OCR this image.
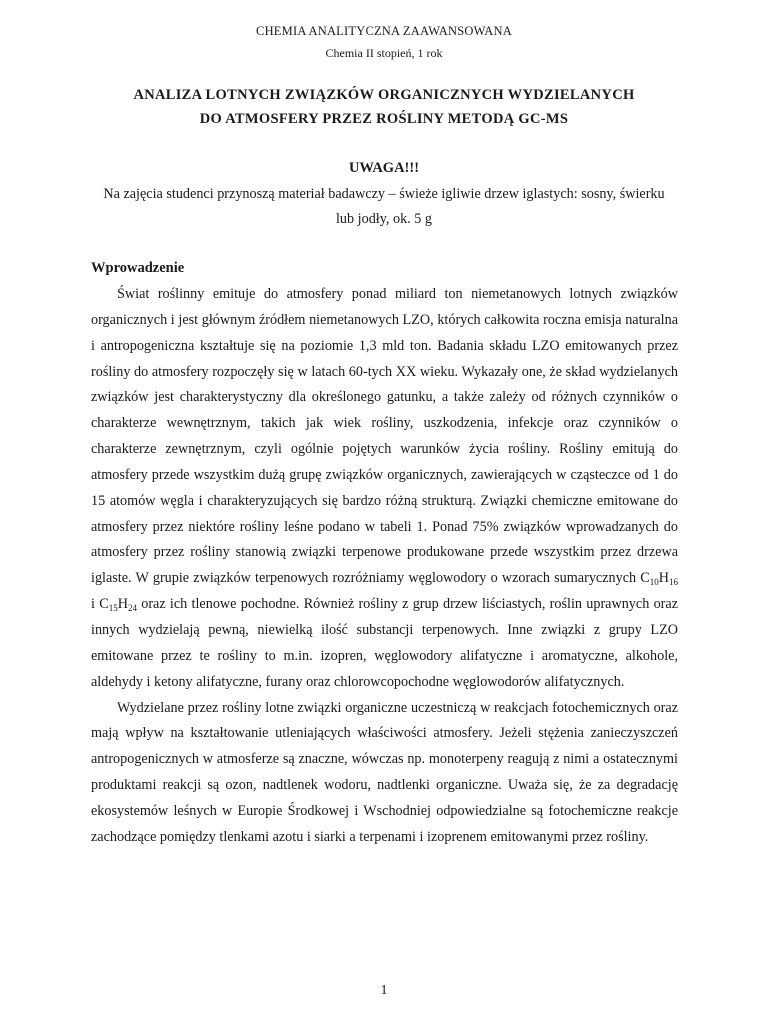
CHEMIA ANALITYCZNA ZAAWANSOWANA
Chemia II stopień, 1 rok
ANALIZA LOTNYCH ZWIĄZKÓW ORGANICZNYCH WYDZIELANYCH
DO ATMOSFERY PRZEZ ROŚLINY METODĄ GC-MS
UWAGA!!!
Na zajęcia studenci przynoszą materiał badawczy – świeże igliwie drzew iglastych: sosny, świerku lub jodły, ok. 5 g
Wprowadzenie

Świat roślinny emituje do atmosfery ponad miliard ton niemetanowych lotnych związków organicznych i jest głównym źródłem niemetanowych LZO, których całkowita roczna emisja naturalna i antropogeniczna kształtuje się na poziomie 1,3 mld ton. Badania składu LZO emitowanych przez rośliny do atmosfery rozpoczęły się w latach 60-tych XX wieku. Wykazały one, że skład wydzielanych związków jest charakterystyczny dla określonego gatunku, a także zależy od różnych czynników o charakterze wewnętrznym, takich jak wiek rośliny, uszkodzenia, infekcje oraz czynników o charakterze zewnętrznym, czyli ogólnie pojętych warunków życia rośliny. Rośliny emitują do atmosfery przede wszystkim dużą grupę związków organicznych, zawierających w cząsteczce od 1 do 15 atomów węgla i charakteryzujących się bardzo różną strukturą. Związki chemiczne emitowane do atmosfery przez niektóre rośliny leśne podano w tabeli 1. Ponad 75% związków wprowadzanych do atmosfery przez rośliny stanowią związki terpenowe produkowane przede wszystkim przez drzewa iglaste. W grupie związków terpenowych rozróżniamy węglowodory o wzorach sumarycznych $C_{10}H_{16}$ i $C_{15}H_{24}$ oraz ich tlenowe pochodne. Również rośliny z grup drzew liściastych, roślin uprawnych oraz innych wydzielają pewną, niewielką ilość substancji terpenowych. Inne związki z grupy LZO emitowane przez te rośliny to m.in. izopren, węglowodory alifatyczne i aromatyczne, alkohole, aldehydy i ketony alifatyczne, furany oraz chlorowcopochodne węglowodorów alifatycznych.

Wydzielane przez rośliny lotne związki organiczne uczestniczą w reakcjach fotochemicznych oraz mają wpływ na kształtowanie utleniających właściwości atmosfery. Jeżeli stężenia zanieczyszczeń antropogenicznych w atmosferze są znaczne, wówczas np. monoterpeny reagują z nimi a ostatecznymi produktami reakcji są ozon, nadtlenek wodoru, nadtlenki organiczne. Uważa się, że za degradację ekosystemów leśnych w Europie Środkowej i Wschodniej odpowiedzialne są fotochemiczne reakcje zachodzące pomiędzy tlenkami azotu i siarki a terpenami i izoprenem emitowanymi przez rośliny.

1
